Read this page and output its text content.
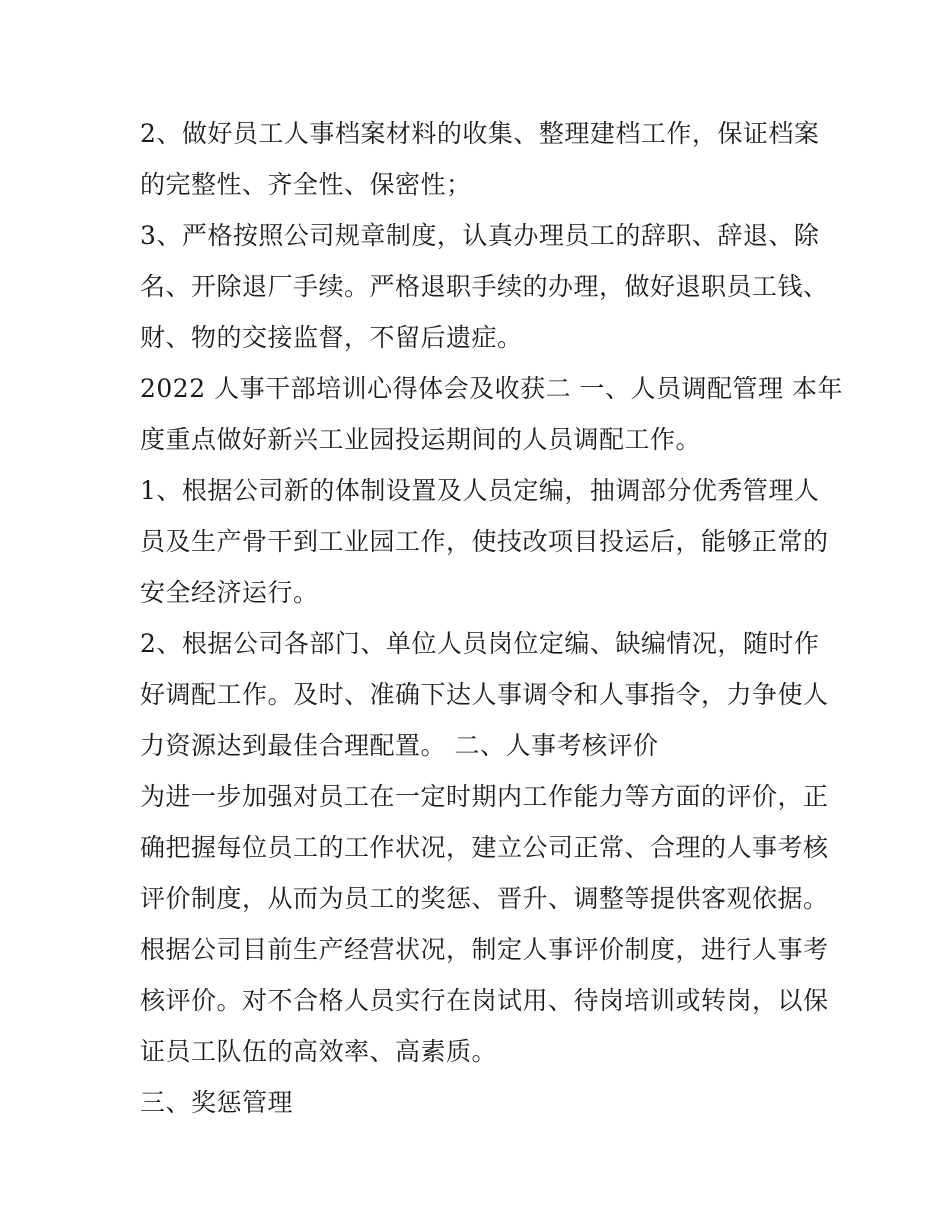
2、做好员工人事档案材料的收集、整理建档工作，保证档案
的完整性、齐全性、保密性；
3、严格按照公司规章制度，认真办理员工的辞职、辞退、除
名、开除退厂手续。严格退职手续的办理，做好退职员工钱、
财、物的交接监督，不留后遗症。
2022 人事干部培训心得体会及收获二 一、人员调配管理 本年
度重点做好新兴工业园投运期间的人员调配工作。
1、根据公司新的体制设置及人员定编，抽调部分优秀管理人
员及生产骨干到工业园工作，使技改项目投运后，能够正常的
安全经济运行。
2、根据公司各部门、单位人员岗位定编、缺编情况，随时作
好调配工作。及时、准确下达人事调令和人事指令，力争使人
力资源达到最佳合理配置。 二、人事考核评价
为进一步加强对员工在一定时期内工作能力等方面的评价，正
确把握每位员工的工作状况，建立公司正常、合理的人事考核
评价制度，从而为员工的奖惩、晋升、调整等提供客观依据。
根据公司目前生产经营状况，制定人事评价制度，进行人事考
核评价。对不合格人员实行在岗试用、待岗培训或转岗，以保
证员工队伍的高效率、高素质。
三、奖惩管理
